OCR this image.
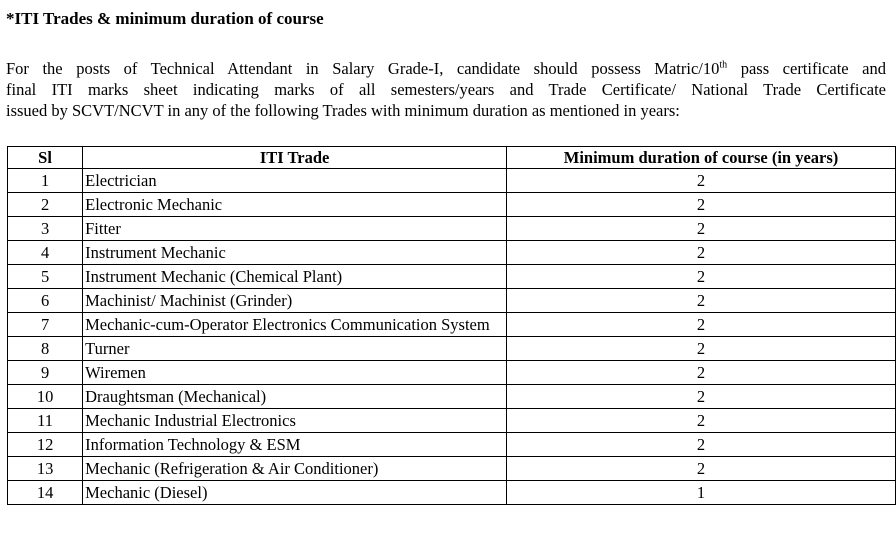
*ITI Trades & minimum duration of course

For the posts of Technical Attendant in Salary Grade-I, candidate should possess Matric/10th pass certificate and

final ITI marks sheet indicating marks of all semesters/years and Trade Certificate/ National Trade Certificate

issued by SCVT/NCVT in any of the following Trades with minimum duration as mentioned in years:

Sl	ITI Trade	Minimum duration of course (in years)
1	Electrician	2
2	Electronic Mechanic	2
3	Fitter	2
4	Instrument Mechanic	2
5	Instrument Mechanic (Chemical Plant)	2
6	Machinist/ Machinist (Grinder)	2
7	Mechanic-cum-Operator Electronics Communication System	2
8	Turner	2
9	Wiremen	2
10	Draughtsman (Mechanical)	2
11	Mechanic Industrial Electronics	2
12	Information Technology & ESM	2
13	Mechanic (Refrigeration & Air Conditioner)	2
14	Mechanic (Diesel)	1
